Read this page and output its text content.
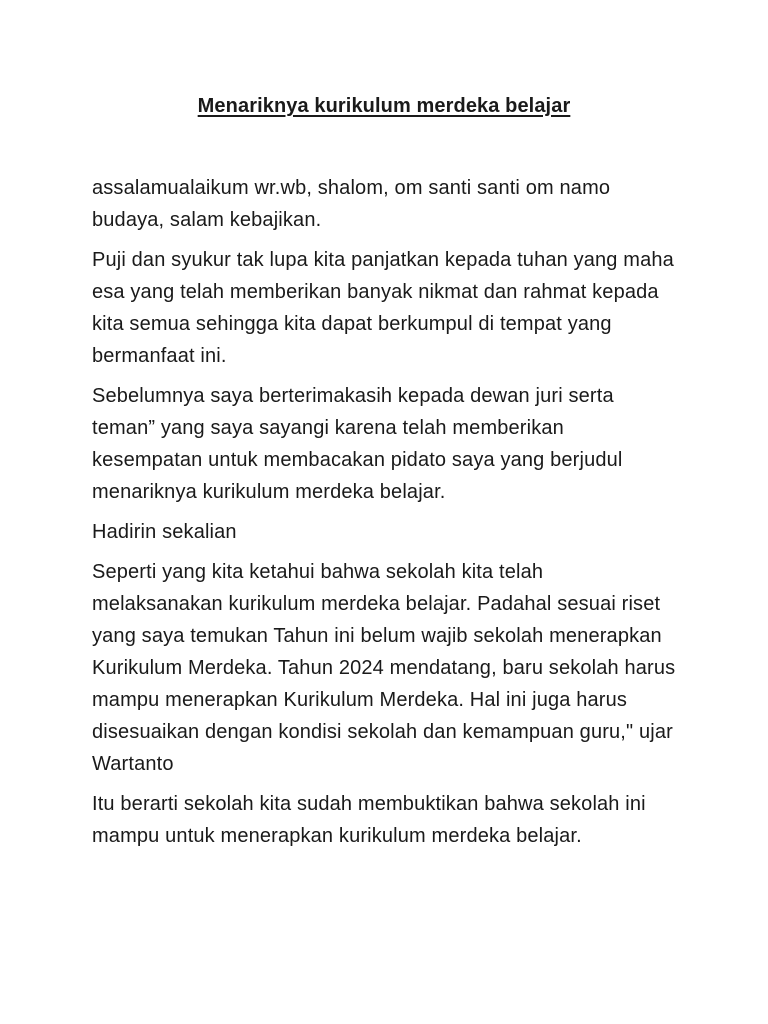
Menariknya kurikulum merdeka belajar

assalamualaikum wr.wb, shalom, om santi santi om namo budaya, salam kebajikan.

Puji dan syukur tak lupa kita panjatkan kepada tuhan yang maha esa yang telah memberikan banyak nikmat dan rahmat kepada kita semua sehingga kita dapat berkumpul di tempat yang bermanfaat ini.

Sebelumnya saya berterimakasih kepada dewan juri serta teman” yang saya sayangi karena telah memberikan kesempatan untuk membacakan pidato saya yang berjudul menariknya kurikulum merdeka belajar.

Hadirin sekalian

Seperti yang kita ketahui bahwa sekolah kita telah melaksanakan kurikulum merdeka belajar. Padahal sesuai riset yang saya temukan Tahun ini belum wajib sekolah menerapkan Kurikulum Merdeka. Tahun 2024 mendatang, baru sekolah harus mampu menerapkan Kurikulum Merdeka. Hal ini juga harus disesuaikan dengan kondisi sekolah dan kemampuan guru," ujar Wartanto

Itu berarti sekolah kita sudah membuktikan bahwa sekolah ini mampu untuk menerapkan kurikulum merdeka belajar.
